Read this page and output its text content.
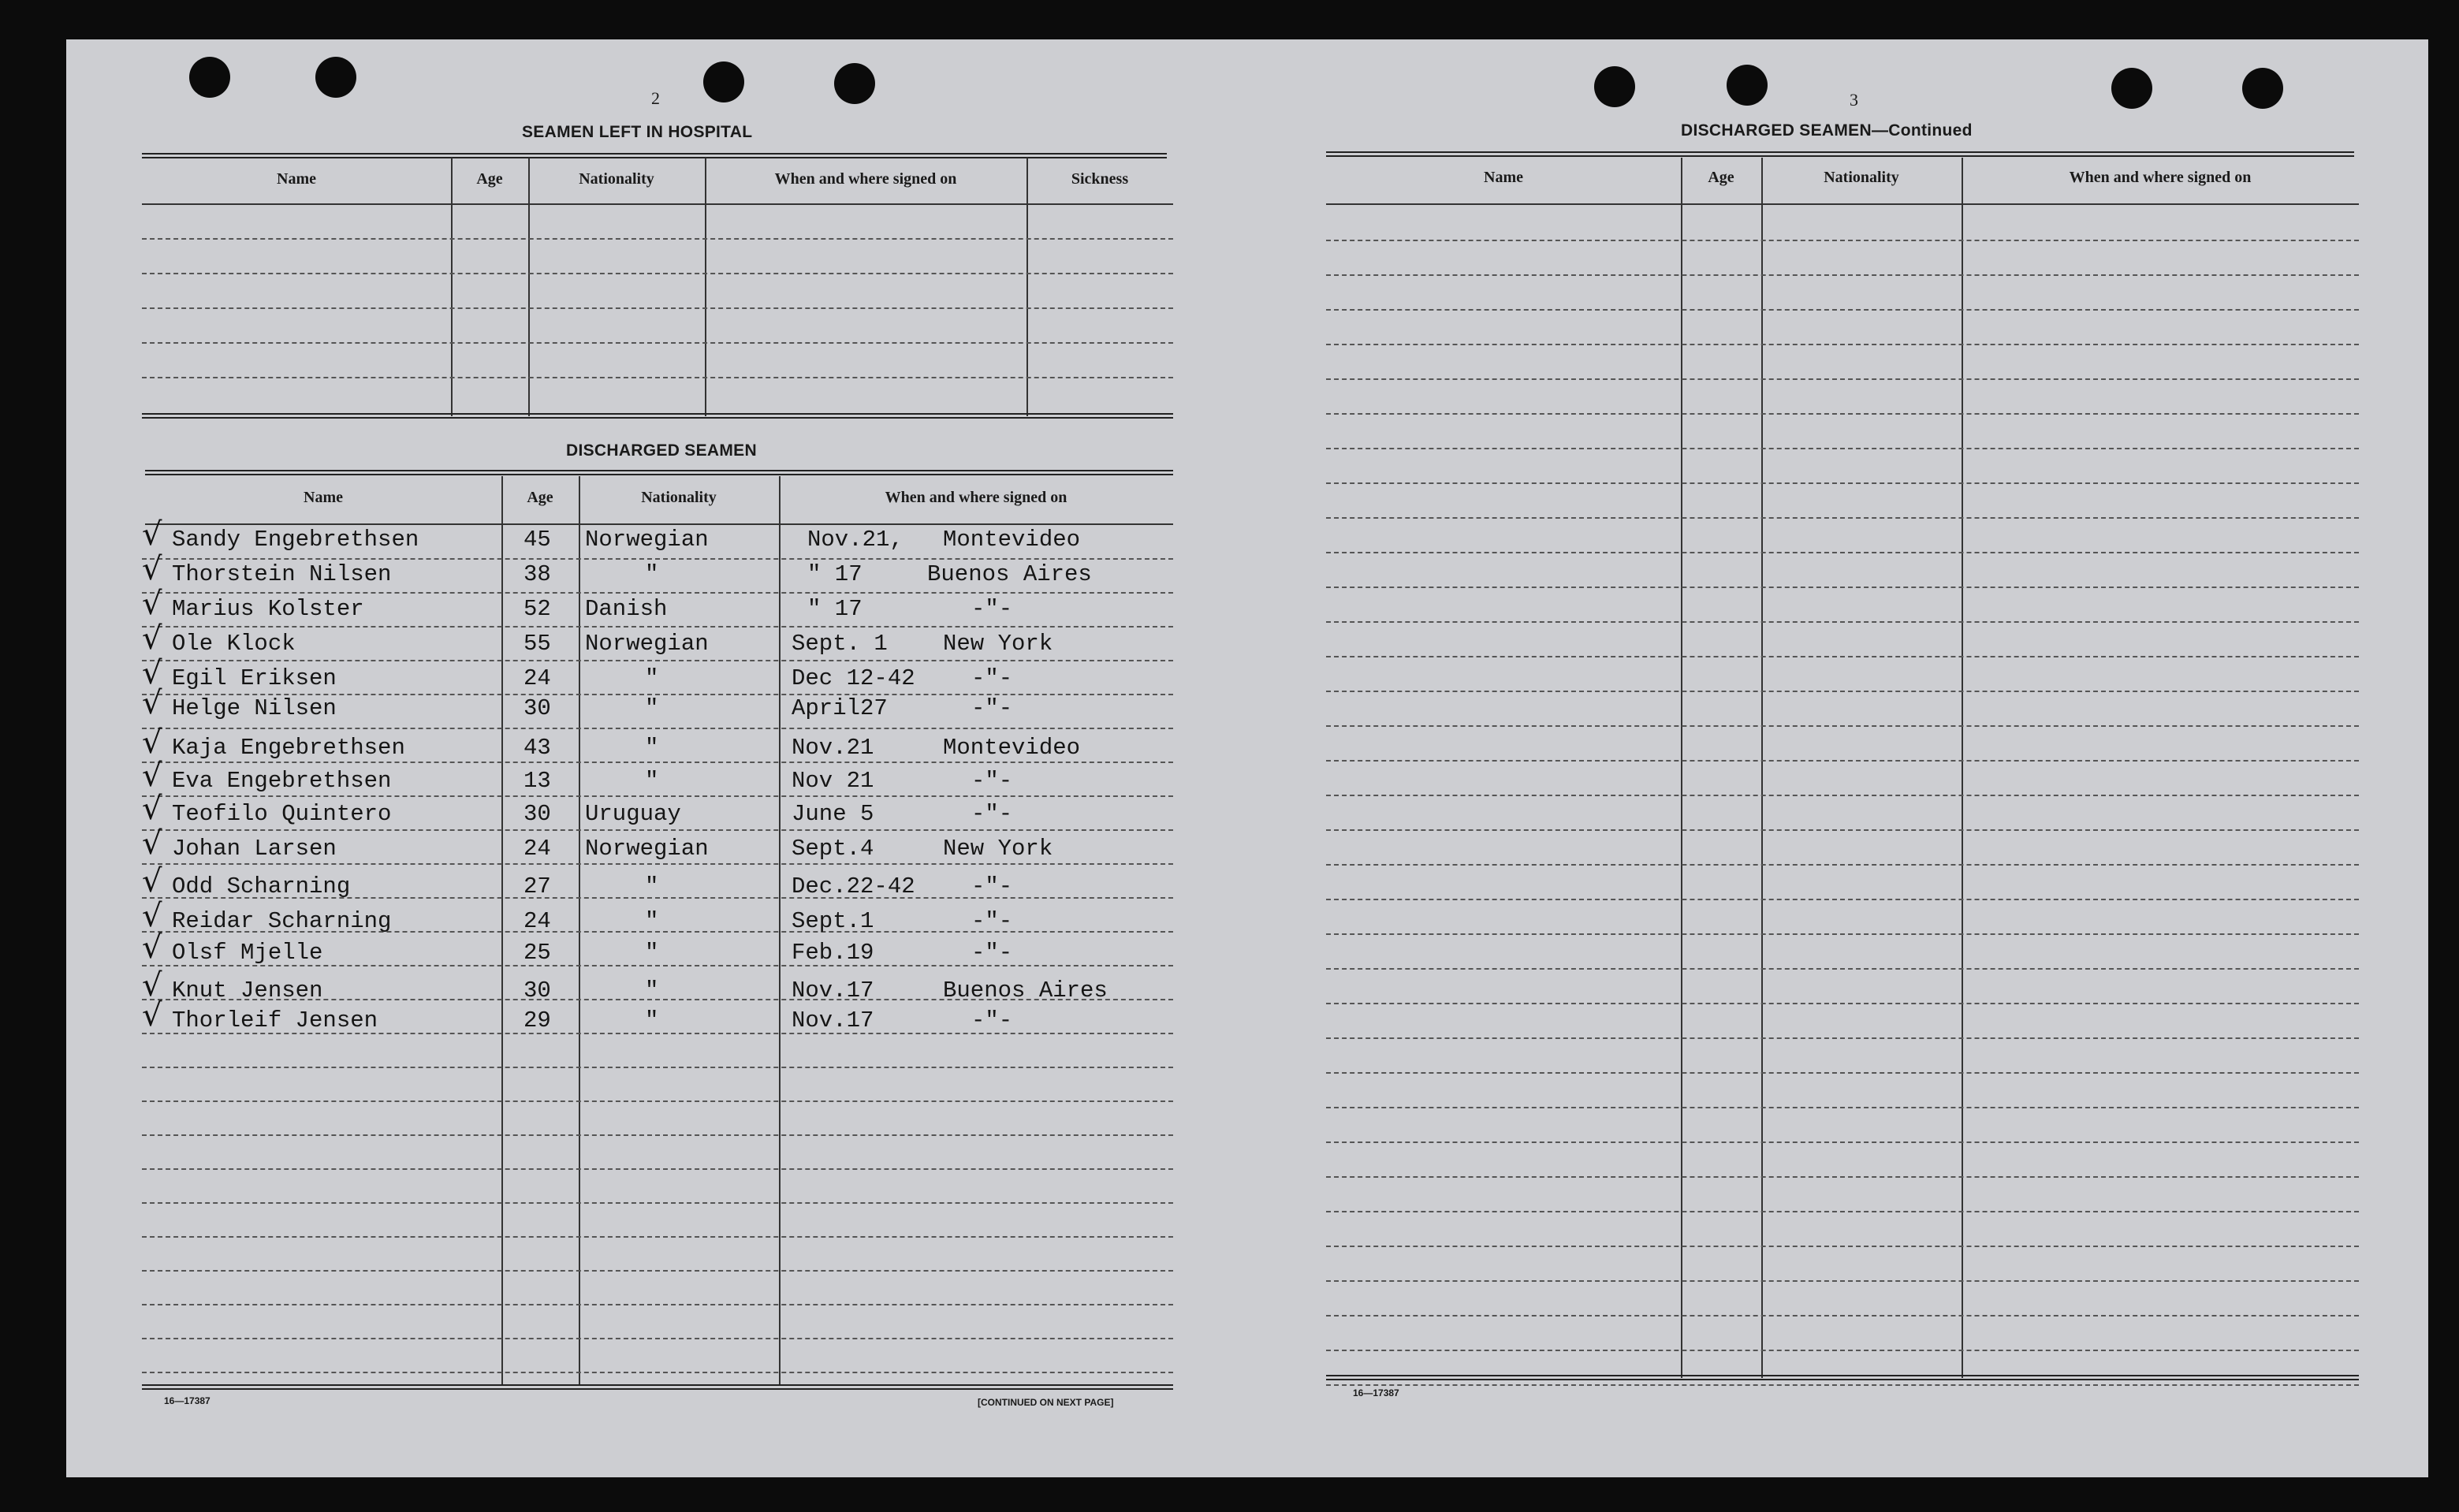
2
SEAMEN LEFT IN HOSPITAL
Name	Age	Nationality	When and where signed on	Sickness
DISCHARGED SEAMEN
Name	Age	Nationality	When and where signed on
√ Sandy Engebrethsen	45 Norwegian	Nov.21, Montevideo
√ Thorstein Nilsen	38	"	" 17	Buenos Aires
√ Marius Kolster	52 Danish	" 17	-"-
√ Ole Klock	55 Norwegian	Sept. 1 New York
√ Egil Eriksen	24	"	Dec 12-42 -"-
√ Helge Nilsen	30	"	April27	-"-
√ Kaja Engebrethsen	43	"	Nov.21	Montevideo
√ Eva Engebrethsen	13	"	Nov 21	-"-
√ Teofilo Quintero	30 Uruguay	June 5	-"-
√ Johan Larsen	24 Norwegian	Sept.4	New York
√ Odd Scharning	27	"	Dec.22-42 -"-
√ Reidar Scharning	24	"	Sept.1	-"-
√ Olsf Mjelle	25	"	Feb.19	-"-
√ Knut Jensen	30	"	Nov.17	Buenos Aires
√ Thorleif Jensen	29	"	Nov.17	-"-
16—17387	[CONTINUED ON NEXT PAGE]
3
DISCHARGED SEAMEN—Continued
Name	Age	Nationality	When and where signed on
16—17387
